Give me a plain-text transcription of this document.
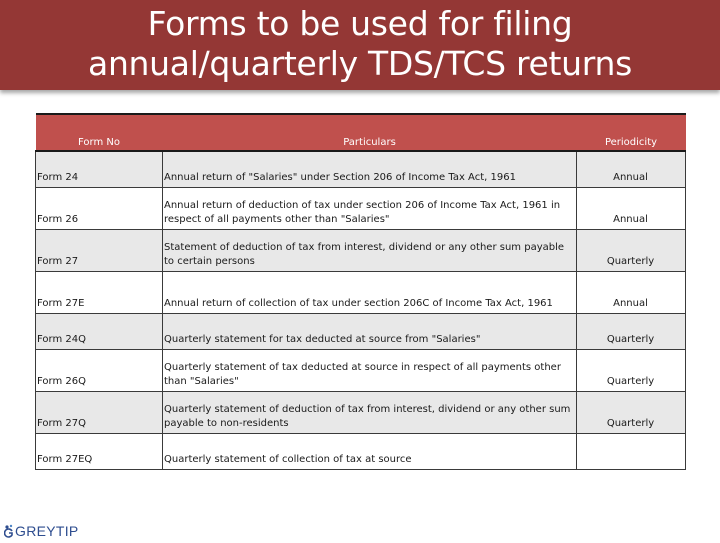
Forms to be used for filing
annual/quarterly TDS/TCS returns
Form No	Particulars	Periodicity
Form 24	Annual return of "Salaries" under Section 206 of Income Tax Act, 1961	Annual
Form 26	Annual return of deduction of tax under section 206 of Income Tax Act, 1961 in respect of all payments other than "Salaries"	Annual
Form 27	Statement of deduction of tax from interest, dividend or any other sum payable to certain persons	Quarterly
Form 27E	Annual return of collection of tax under section 206C of Income Tax Act, 1961	Annual
Form 24Q	Quarterly statement for tax deducted at source from "Salaries"	Quarterly
Form 26Q	Quarterly statement of tax deducted at source in respect of all payments other than "Salaries"	Quarterly
Form 27Q	Quarterly statement of deduction of tax from interest, dividend or any other sum payable to non-residents	Quarterly
Form 27EQ	Quarterly statement of collection of tax at source	
GREYTIP
